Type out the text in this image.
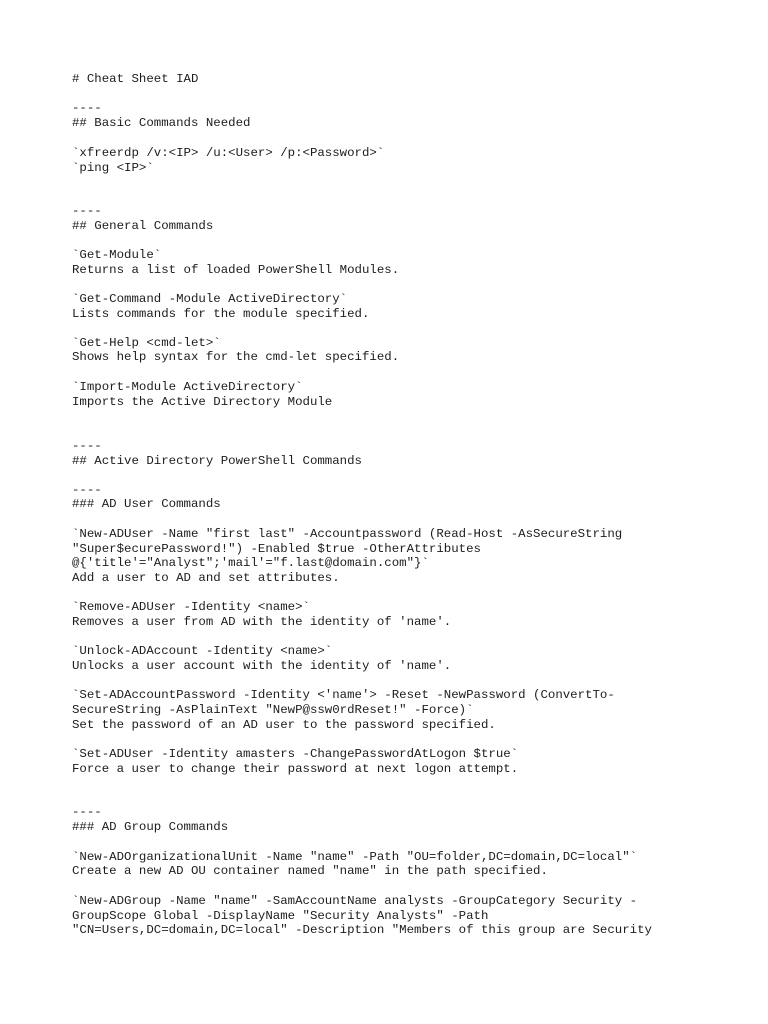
# Cheat Sheet IAD

----

## Basic Commands Needed

`xfreerdp /v:<IP> /u:<User> /p:<Password>`

`ping <IP>`

----

## General Commands

`Get-Module`

Returns a list of loaded PowerShell Modules.

`Get-Command -Module ActiveDirectory`

Lists commands for the module specified.

`Get-Help <cmd-let>`

Shows help syntax for the cmd-let specified.

`Import-Module ActiveDirectory`

Imports the Active Directory Module

----

## Active Directory PowerShell Commands

----

### AD User Commands

`New-ADUser -Name "first last" -Accountpassword (Read-Host -AsSecureString

"Super$ecurePassword!") -Enabled $true -OtherAttributes

@{'title'="Analyst";'mail'="f.last@domain.com"}`

Add a user to AD and set attributes.

`Remove-ADUser -Identity <name>`

Removes a user from AD with the identity of 'name'.

`Unlock-ADAccount -Identity <name>`

Unlocks a user account with the identity of 'name'.

`Set-ADAccountPassword -Identity <'name'> -Reset -NewPassword (ConvertTo-

SecureString -AsPlainText "NewP@ssw0rdReset!" -Force)`

Set the password of an AD user to the password specified.

`Set-ADUser -Identity amasters -ChangePasswordAtLogon $true`

Force a user to change their password at next logon attempt.

----

### AD Group Commands

`New-ADOrganizationalUnit -Name "name" -Path "OU=folder,DC=domain,DC=local"`

Create a new AD OU container named "name" in the path specified.

`New-ADGroup -Name "name" -SamAccountName analysts -GroupCategory Security -

GroupScope Global -DisplayName "Security Analysts" -Path

"CN=Users,DC=domain,DC=local" -Description "Members of this group are Security
